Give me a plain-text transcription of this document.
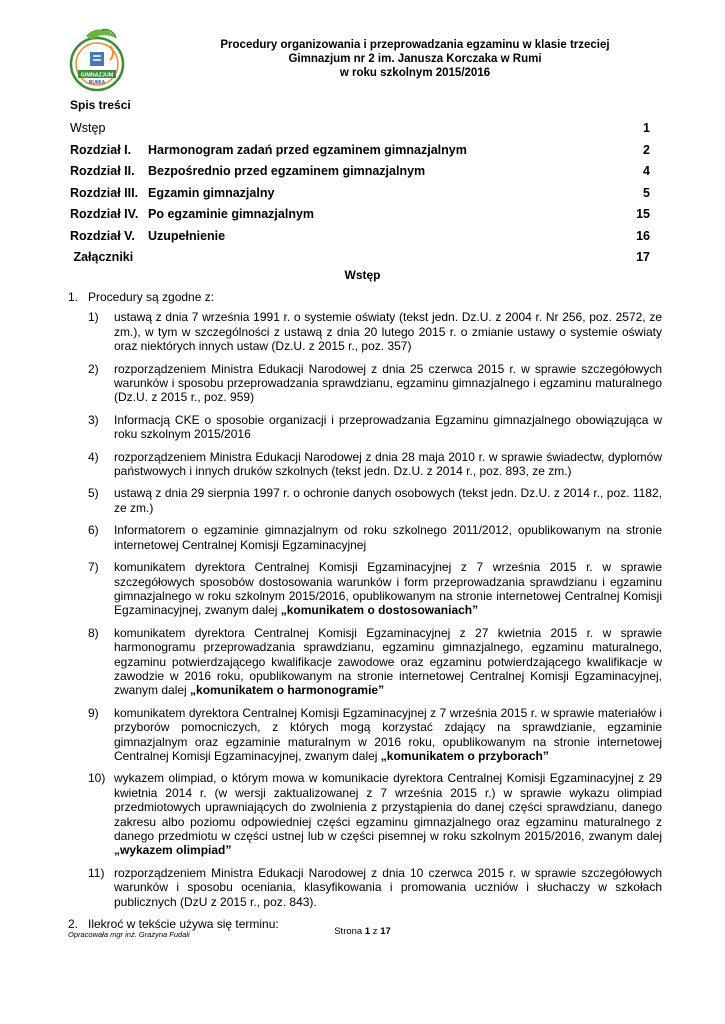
GIMNAZJUM
RUMIA
Procedury organizowania i przeprowadzania egzaminu w klasie trzeciej
Gimnazjum nr 2 im. Janusza Korczaka w Rumi
w roku szkolnym 2015/2016
Spis treści
Wstęp	1
Rozdział I. Harmonogram zadań przed egzaminem gimnazjalnym	2
Rozdział II. Bezpośrednio przed egzaminem gimnazjalnym	4
Rozdział III. Egzamin gimnazjalny	5
Rozdział IV. Po egzaminie gimnazjalnym	15
Rozdział V. Uzupełnienie	16
Załączniki	17
Wstęp
1. Procedury są zgodne z:
1) ustawą z dnia 7 września 1991 r. o systemie oświaty (tekst jedn. Dz.U. z 2004 r. Nr 256, poz. 2572, ze zm.), w tym w szczególności z ustawą z dnia 20 lutego 2015 r. o zmianie ustawy o systemie oświaty oraz niektórych innych ustaw (Dz.U. z 2015 r., poz. 357)
2) rozporządzeniem Ministra Edukacji Narodowej z dnia 25 czerwca 2015 r. w sprawie szczegółowych warunków i sposobu przeprowadzania sprawdzianu, egzaminu gimnazjalnego i egzaminu maturalnego (Dz.U. z 2015 r., poz. 959)
3) Informacją CKE o sposobie organizacji i przeprowadzania Egzaminu gimnazjalnego obowiązująca w roku szkolnym 2015/2016
4) rozporządzeniem Ministra Edukacji Narodowej z dnia 28 maja 2010 r. w sprawie świadectw, dyplomów państwowych i innych druków szkolnych (tekst jedn. Dz.U. z 2014 r., poz. 893, ze zm.)
5) ustawą z dnia 29 sierpnia 1997 r. o ochronie danych osobowych (tekst jedn. Dz.U. z 2014 r., poz. 1182, ze zm.)
6) Informatorem o egzaminie gimnazjalnym od roku szkolnego 2011/2012, opublikowanym na stronie internetowej Centralnej Komisji Egzaminacyjnej
7) komunikatem dyrektora Centralnej Komisji Egzaminacyjnej z 7 września 2015 r. w sprawie szczegółowych sposobów dostosowania warunków i form przeprowadzania sprawdzianu i egzaminu gimnazjalnego w roku szkolnym 2015/2016, opublikowanym na stronie internetowej Centralnej Komisji Egzaminacyjnej, zwanym dalej „komunikatem o dostosowaniach”
8) komunikatem dyrektora Centralnej Komisji Egzaminacyjnej z 27 kwietnia 2015 r. w sprawie harmonogramu przeprowadzania sprawdzianu, egzaminu gimnazjalnego, egzaminu maturalnego, egzaminu potwierdzającego kwalifikacje zawodowe oraz egzaminu potwierdzającego kwalifikacje w zawodzie w 2016 roku, opublikowanym na stronie internetowej Centralnej Komisji Egzaminacyjnej, zwanym dalej „komunikatem o harmonogramie”
9) komunikatem dyrektora Centralnej Komisji Egzaminacyjnej z 7 września 2015 r. w sprawie materiałów i przyborów pomocniczych, z których mogą korzystać zdający na sprawdzianie, egzaminie gimnazjalnym oraz egzaminie maturalnym w 2016 roku, opublikowanym na stronie internetowej Centralnej Komisji Egzaminacyjnej, zwanym dalej „komunikatem o przyborach”
10) wykazem olimpiad, o którym mowa w komunikacie dyrektora Centralnej Komisji Egzaminacyjnej z 29 kwietnia 2014 r. (w wersji zaktualizowanej z 7 września 2015 r.) w sprawie wykazu olimpiad przedmiotowych uprawniających do zwolnienia z przystąpienia do danej części sprawdzianu, danego zakresu albo poziomu odpowiedniej części egzaminu gimnazjalnego oraz egzaminu maturalnego z danego przedmiotu w części ustnej lub w części pisemnej w roku szkolnym 2015/2016, zwanym dalej „wykazem olimpiad”
11) rozporządzeniem Ministra Edukacji Narodowej z dnia 10 czerwca 2015 r. w sprawie szczegółowych warunków i sposobu oceniania, klasyfikowania i promowania uczniów i słuchaczy w szkołach publicznych (DzU z 2015 r., poz. 843).
2. Ilekroć w tekście używa się terminu:
Opracowała mgr inż. Grażyna Fudali	Strona 1 z 17
